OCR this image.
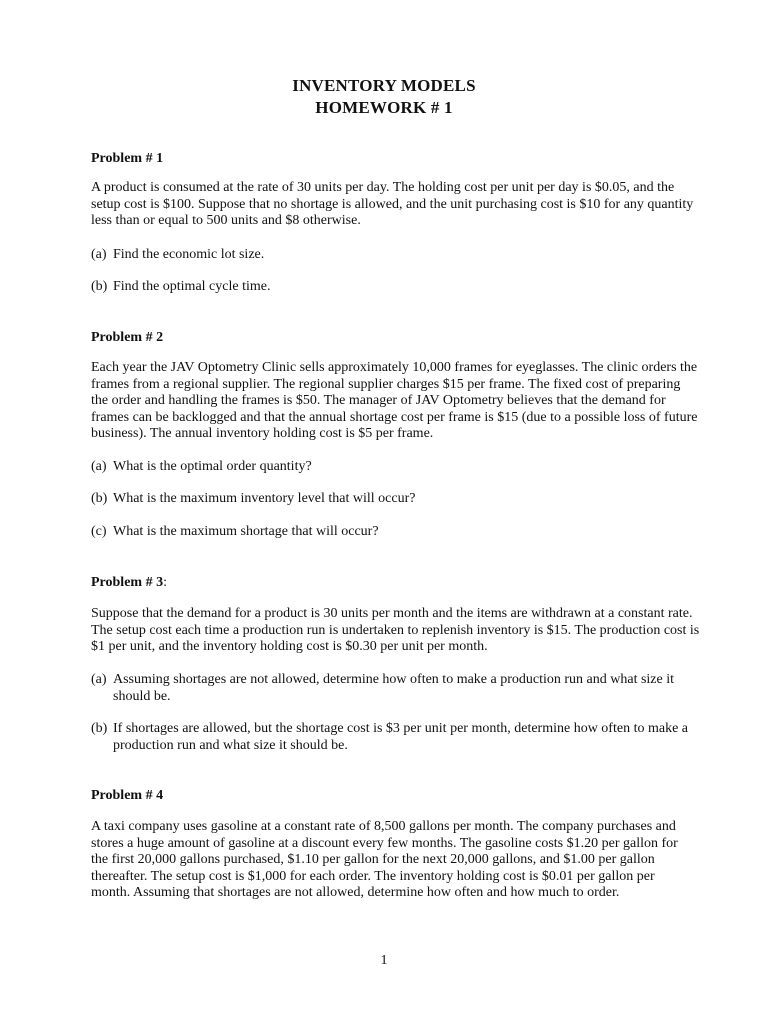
INVENTORY MODELS
HOMEWORK # 1
Problem # 1
A product is consumed at the rate of 30 units per day. The holding cost per unit per day is $0.05, and the
setup cost is $100. Suppose that no shortage is allowed, and the unit purchasing cost is $10 for any quantity
less than or equal to 500 units and $8 otherwise.
(a) Find the economic lot size.
(b) Find the optimal cycle time.
Problem # 2
Each year the JAV Optometry Clinic sells approximately 10,000 frames for eyeglasses. The clinic orders the
frames from a regional supplier. The regional supplier charges $15 per frame. The fixed cost of preparing
the order and handling the frames is $50. The manager of JAV Optometry believes that the demand for
frames can be backlogged and that the annual shortage cost per frame is $15 (due to a possible loss of future
business). The annual inventory holding cost is $5 per frame.
(a) What is the optimal order quantity?
(b) What is the maximum inventory level that will occur?
(c) What is the maximum shortage that will occur?
Problem # 3:
Suppose that the demand for a product is 30 units per month and the items are withdrawn at a constant rate.
The setup cost each time a production run is undertaken to replenish inventory is $15. The production cost is
$1 per unit, and the inventory holding cost is $0.30 per unit per month.
(a) Assuming shortages are not allowed, determine how often to make a production run and what size it
should be.
(b) If shortages are allowed, but the shortage cost is $3 per unit per month, determine how often to make a
production run and what size it should be.
Problem # 4
A taxi company uses gasoline at a constant rate of 8,500 gallons per month. The company purchases and
stores a huge amount of gasoline at a discount every few months. The gasoline costs $1.20 per gallon for
the first 20,000 gallons purchased, $1.10 per gallon for the next 20,000 gallons, and $1.00 per gallon
thereafter. The setup cost is $1,000 for each order. The inventory holding cost is $0.01 per gallon per
month. Assuming that shortages are not allowed, determine how often and how much to order.
1
